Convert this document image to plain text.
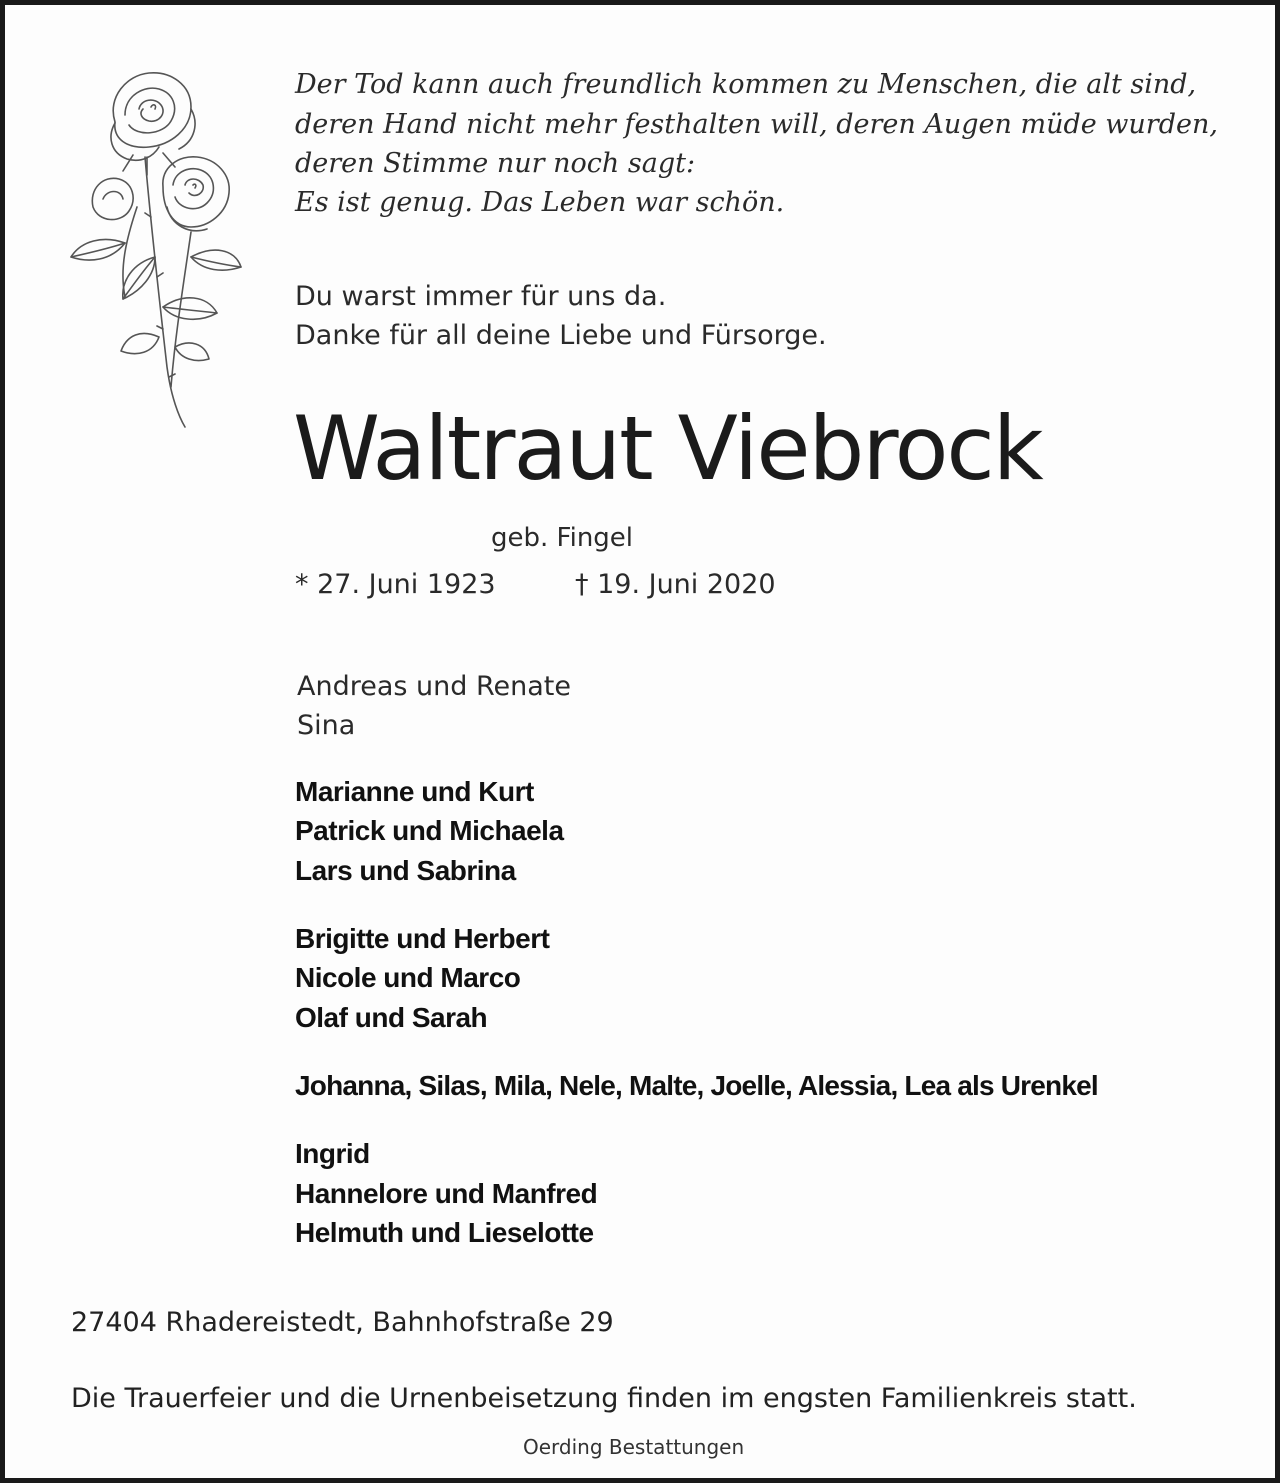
Der Tod kann auch freundlich kommen zu Menschen, die alt sind,

deren Hand nicht mehr festhalten will, deren Augen müde wurden,

deren Stimme nur noch sagt:

Es ist genug. Das Leben war schön.

Du warst immer für uns da.

Danke für all deine Liebe und Fürsorge.

Waltraut Viebrock

geb. Fingel

* 27. Juni 1923	† 19. Juni 2020

Andreas und Renate

Sina

Marianne und Kurt

Patrick und Michaela

Lars und Sabrina

Brigitte und Herbert

Nicole und Marco

Olaf und Sarah

Johanna, Silas, Mila, Nele, Malte, Joelle, Alessia, Lea als Urenkel

Ingrid

Hannelore und Manfred

Helmuth und Lieselotte

27404 Rhadereistedt, Bahnhofstraße 29

Die Trauerfeier und die Urnenbeisetzung finden im engsten Familienkreis statt.

Oerding Bestattungen
